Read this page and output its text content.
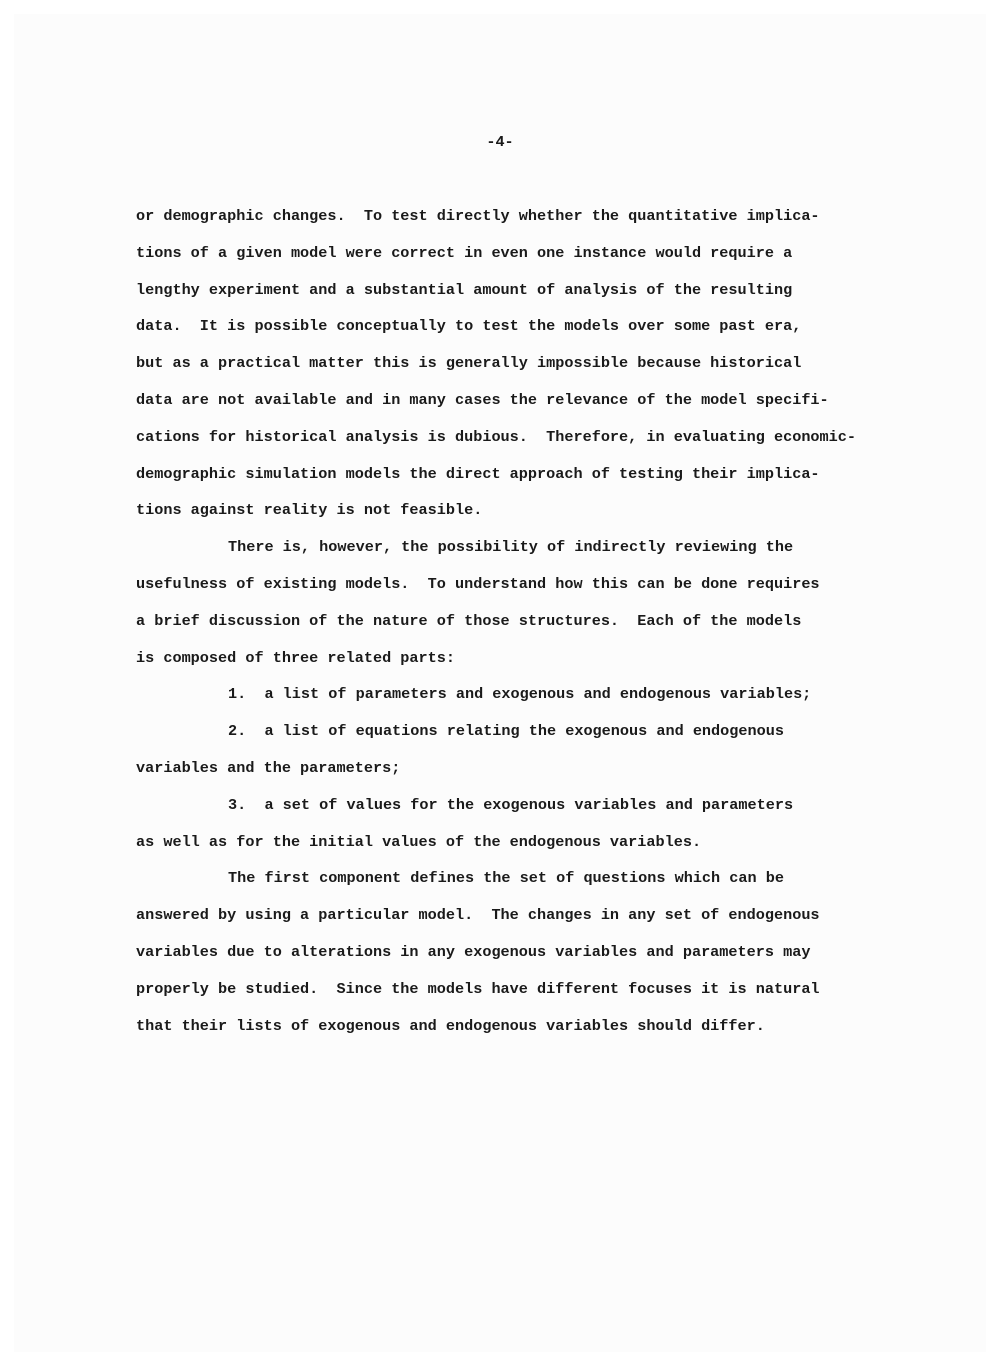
-4-
or demographic changes.  To test directly whether the quantitative implica-
tions of a given model were correct in even one instance would require a
lengthy experiment and a substantial amount of analysis of the resulting
data.  It is possible conceptually to test the models over some past era,
but as a practical matter this is generally impossible because historical
data are not available and in many cases the relevance of the model specifi-
cations for historical analysis is dubious.  Therefore, in evaluating economic-
demographic simulation models the direct approach of testing their implica-
tions against reality is not feasible.
There is, however, the possibility of indirectly reviewing the
usefulness of existing models.  To understand how this can be done requires
a brief discussion of the nature of those structures.  Each of the models
is composed of three related parts:
1.  a list of parameters and exogenous and endogenous variables;
2.  a list of equations relating the exogenous and endogenous
variables and the parameters;
3.  a set of values for the exogenous variables and parameters
as well as for the initial values of the endogenous variables.
The first component defines the set of questions which can be
answered by using a particular model.  The changes in any set of endogenous
variables due to alterations in any exogenous variables and parameters may
properly be studied.  Since the models have different focuses it is natural
that their lists of exogenous and endogenous variables should differ.
